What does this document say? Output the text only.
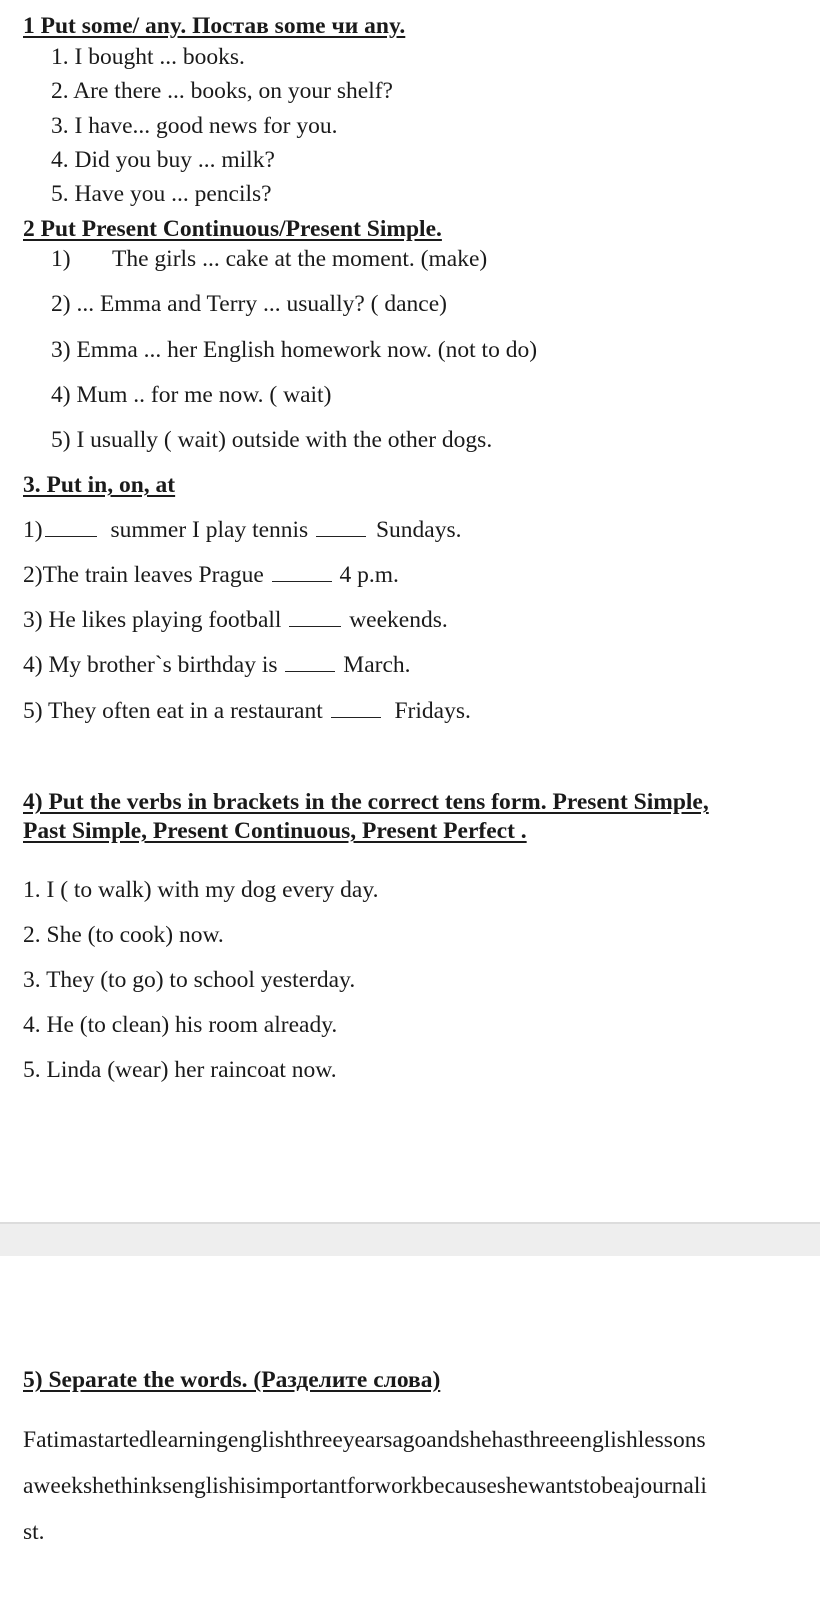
1 Put some/ any. Постав some чи any.
1. I bought ... books.
2. Are there ... books, on your shelf?
3. I have... good news for you.
4. Did you buy ... milk?
5. Have you ... pencils?
2 Put Present Continuous/Present Simple.
1) The girls ... cake at the moment. (make)
2) ... Emma and Terry ... usually? ( dance)
3) Emma ... her English homework now. (not to do)
4) Mum .. for me now. ( wait)
5) I usually ( wait) outside with the other dogs.
3. Put in, on, at
1)	summer I play tennis	Sundays.
2)The train leaves Prague	4 p.m.
3) He likes playing football	weekends.
4) My brother`s birthday is	March.
5) They often eat in a restaurant	Fridays.
4) Put the verbs in brackets in the correct tens form. Present Simple,
Past Simple, Present Continuous, Present Perfect .
1. I ( to walk) with my dog every day.
2. She (to cook) now.
3. They (to go) to school yesterday.
4. He (to clean) his room already.
5. Linda (wear) her raincoat now.
5) Separate the words. (Разделите слова)
Fatimastartedlearningenglishthreeyearsagoandshehasthreeenglishlessons
aweekshethinksenglishisimportantforworkbecauseshewantstobeajournali
st.
